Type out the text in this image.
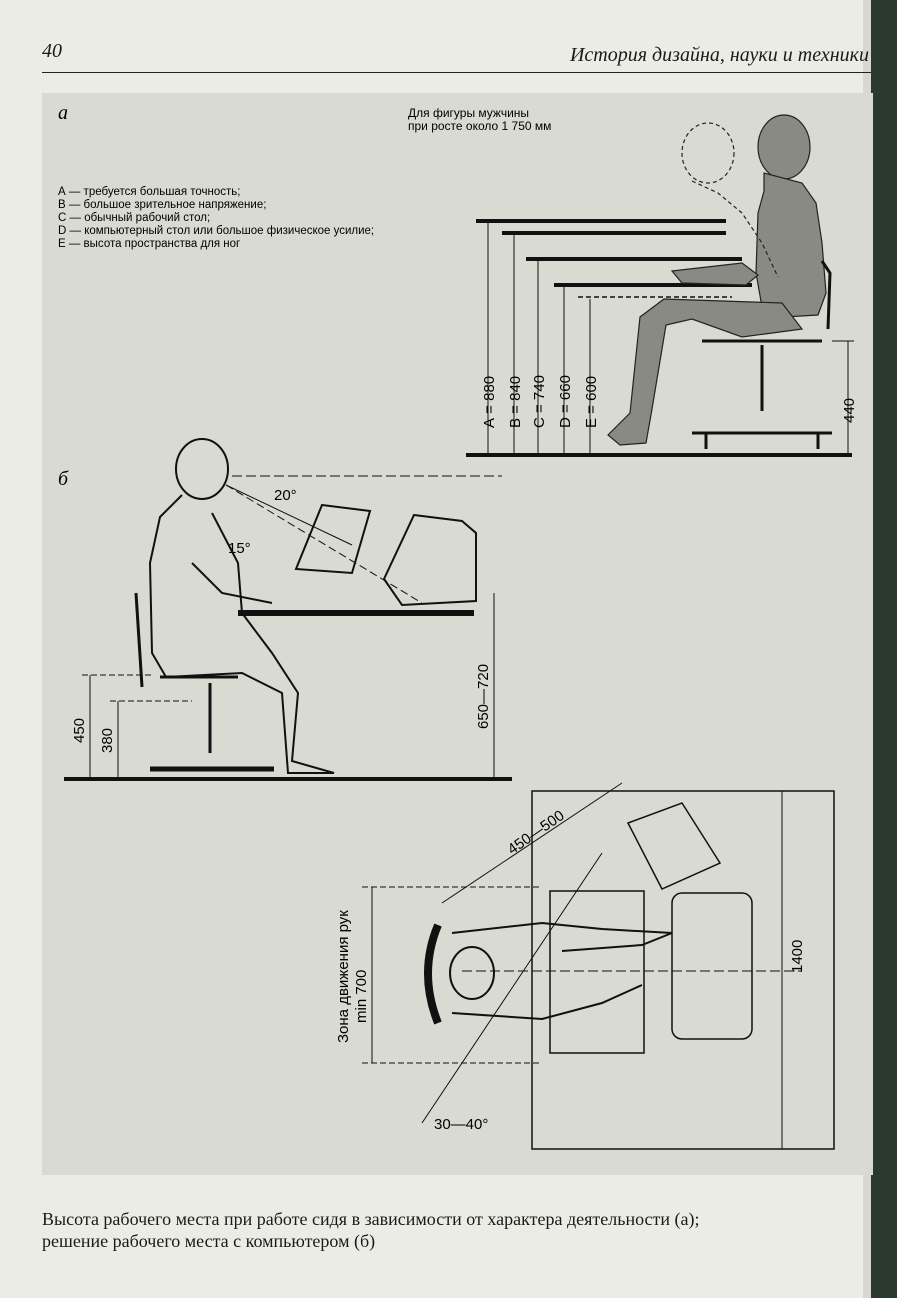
40	История дизайна, науки и техники
а	Для фигуры мужчины
при росте около 1 750 мм
А — требуется большая точность;
В — большое зрительное напряжение;
С — обычный рабочий стол;
D — компьютерный стол или большое физическое усилие;
Е — высота пространства для ног
А = 880 В = 840 С = 740 D = 660 Е = 600	440
б
20°
15°
450 380
650—720
450—500
Зона движения рук min 700
1400
30—40°
Высота рабочего места при работе сидя в зависимости от характера деятельности (а);
решение рабочего места с компьютером (б)
